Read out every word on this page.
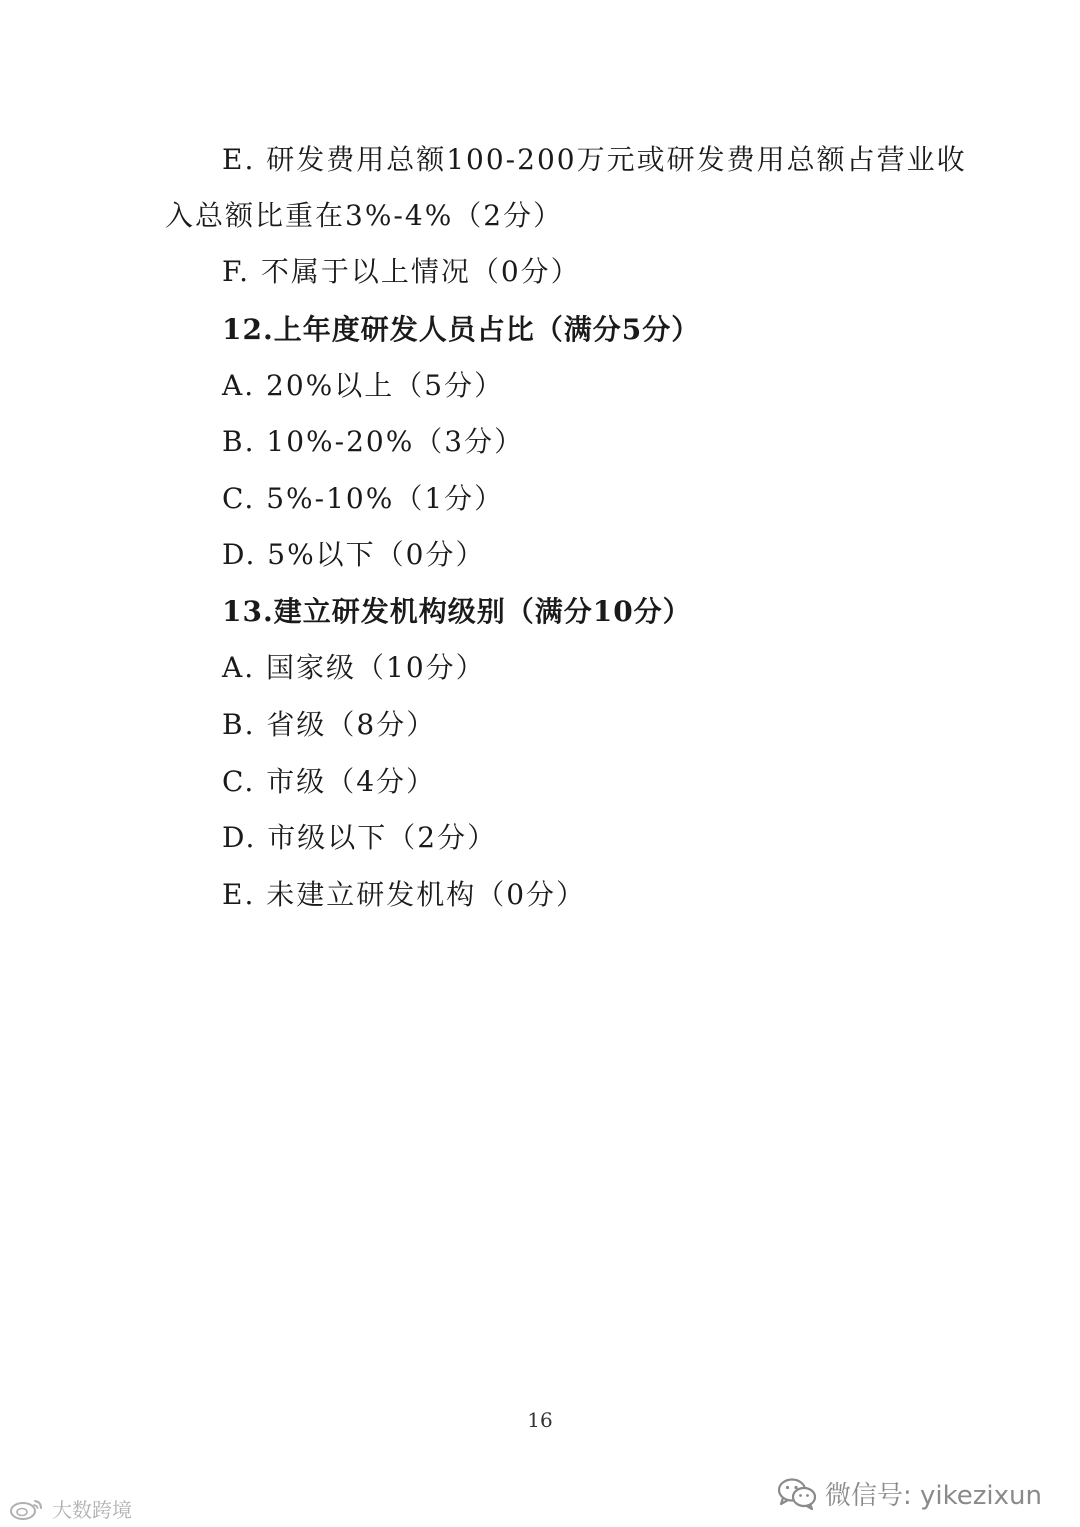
E. 研发费用总额100-200万元或研发费用总额占营业收
入总额比重在3%-4%（2分）
F. 不属于以上情况（0分）
12.上年度研发人员占比（满分5分）
A. 20%以上（5分）
B. 10%-20%（3分）
C. 5%-10%（1分）
D. 5%以下（0分）
13.建立研发机构级别（满分10分）
A. 国家级（10分）
B. 省级（8分）
C. 市级（4分）
D. 市级以下（2分）
E. 未建立研发机构（0分）
16
微信号: yikezixun
大数跨境
